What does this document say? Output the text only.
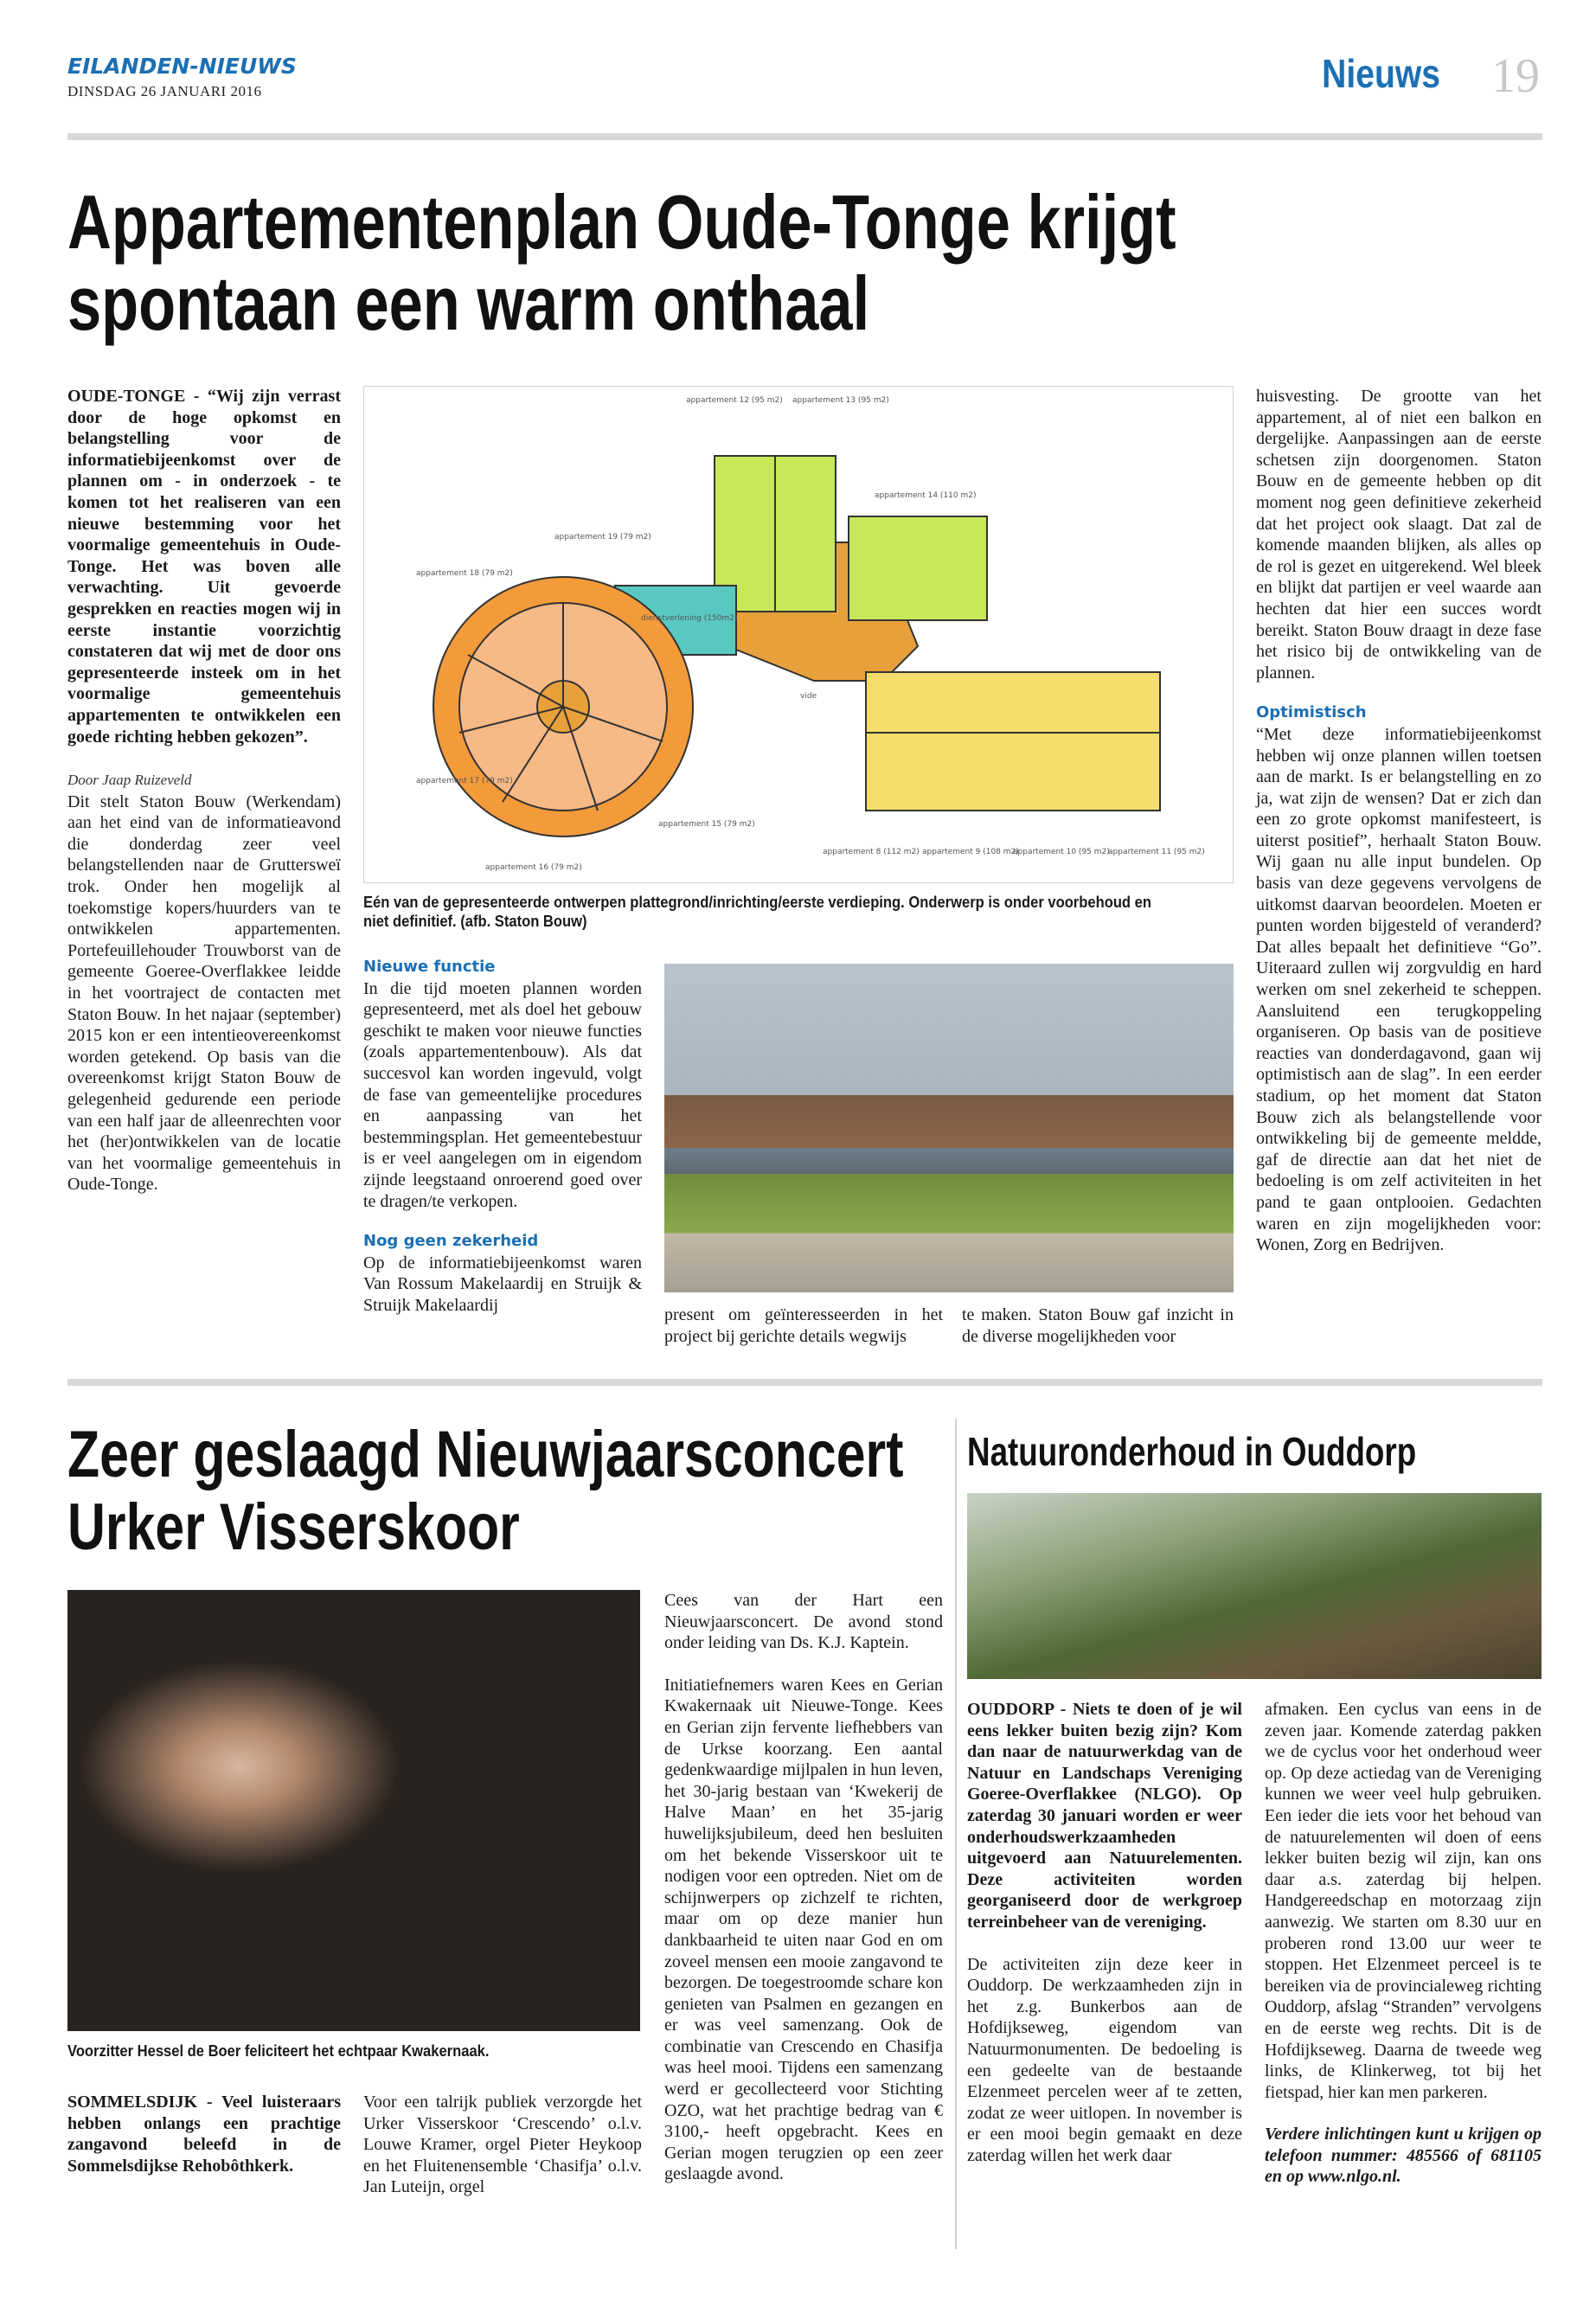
EILANDEN-NIEUWS
DINSDAG 26 JANUARI 2016	Nieuws 19
Appartementenplan Oude-Tonge krijgt
spontaan een warm onthaal

OUDE-TONGE - “Wij zijn verrast door de hoge opkomst en belangstelling voor de informatiebijeenkomst over de plannen om - in onderzoek - te komen tot het realiseren van een nieuwe bestemming voor het voormalige gemeentehuis in Oude-Tonge. Het was boven alle verwachting. Uit gevoerde gesprekken en reacties mogen wij in eerste instantie voorzichtig constateren dat wij met de door ons gepresenteerde insteek om in het voormalige gemeentehuis appartementen te ontwikkelen een goede richting hebben gekozen”.

Door Jaap Ruizeveld

Dit stelt Staton Bouw (Werkendam) aan het eind van de informatieavond die donderdag zeer veel belangstellenden naar de Gruttersweï trok. Onder hen mogelijk al toekomstige kopers/huurders van te ontwikkelen appartementen. Portefeuillehouder Trouwborst van de gemeente Goeree-Overflakkee leidde in het voortraject de contacten met Staton Bouw. In het najaar (september) 2015 kon er een intentieovereenkomst worden getekend. Op basis van die overeenkomst krijgt Staton Bouw de gelegenheid gedurende een periode van een half jaar de alleenrechten voor het (her)ontwikkelen van de locatie van het voormalige gemeentehuis in Oude-Tonge.

appartement 12 (95 m2) appartement 13 (95 m2)
appartement 14 (110 m2)
appartement 19 (79 m2)
appartement 18 (79 m2)
dienstverlening (150m2)
vide
appartement 17 (79 m2)
appartement 15 (79 m2)
appartement 16 (79 m2)
appartement 8 (112 m2) appartement 9 (108 m2)
appartement 10 (95 m2)
appartement 11 (95 m2)
Eén van de gepresenteerde ontwerpen plattegrond/inrichting/eerste verdieping. Onderwerp is onder voorbehoud en niet definitief. (afb. Staton Bouw)

Nieuwe functie

In die tijd moeten plannen worden gepresenteerd, met als doel het gebouw geschikt te maken voor nieuwe functies (zoals appartementenbouw). Als dat succesvol kan worden ingevuld, volgt de fase van gemeentelijke procedures en aanpassing van het bestemmingsplan. Het gemeentebestuur is er veel aangelegen om in eigendom zijnde leegstaand onroerend goed over te dragen/te verkopen.

Nog geen zekerheid

Op de informatiebijeenkomst waren Van Rossum Makelaardij en Struijk & Struijk Makelaardij

present om geïnteresseerden in het project bij gerichte details wegwijs
te maken. Staton Bouw gaf inzicht in de diverse mogelijkheden voor

huisvesting. De grootte van het appartement, al of niet een balkon en dergelijke. Aanpassingen aan de eerste schetsen zijn doorgenomen. Staton Bouw en de gemeente hebben op dit moment nog geen definitieve zekerheid dat het project ook slaagt. Dat zal de komende maanden blijken, als alles op de rol is gezet en uitgerekend. Wel bleek en blijkt dat partijen er veel waarde aan hechten dat hier een succes wordt bereikt. Staton Bouw draagt in deze fase het risico bij de ontwikkeling van de plannen.

Optimistisch

“Met deze informatiebijeenkomst hebben wij onze plannen willen toetsen aan de markt. Is er belangstelling en zo ja, wat zijn de wensen? Dat er zich dan een zo grote opkomst manifesteert, is uiterst positief”, herhaalt Staton Bouw. Wij gaan nu alle input bundelen. Op basis van deze gegevens vervolgens de uitkomst daarvan beoordelen. Moeten er punten worden bijgesteld of veranderd? Dat alles bepaalt het definitieve “Go”. Uiteraard zullen wij zorgvuldig en hard werken om snel zekerheid te scheppen. Aansluitend een terugkoppeling organiseren. Op basis van de positieve reacties van donderdagavond, gaan wij optimistisch aan de slag”. In een eerder stadium, op het moment dat Staton Bouw zich als belangstellende voor ontwikkeling bij de gemeente meldde, gaf de directie aan dat het niet de bedoeling is om zelf activiteiten in het pand te gaan ontplooien. Gedachten waren en zijn mogelijkheden voor: Wonen, Zorg en Bedrijven.

Zeer geslaagd Nieuwjaarsconcert
Urker Visserskoor
Voorzitter Hessel de Boer feliciteert het echtpaar Kwakernaak.

SOMMELSDIJK - Veel luisteraars hebben onlangs een prachtige zangavond beleefd in de Sommelsdijkse Rehobôthkerk.

Voor een talrijk publiek verzorgde het Urker Visserskoor ‘Crescendo’ o.l.v. Louwe Kramer, orgel Pieter Heykoop en het Fluitenensemble ‘Chasifja’ o.l.v. Jan Luteijn, orgel

Cees van der Hart een Nieuwjaarsconcert. De avond stond onder leiding van Ds. K.J. Kaptein.

Initiatiefnemers waren Kees en Gerian Kwakernaak uit Nieuwe-Tonge. Kees en Gerian zijn fervente liefhebbers van de Urkse koorzang. Een aantal gedenkwaardige mijlpalen in hun leven, het 30-jarig bestaan van ‘Kwekerij de Halve Maan’ en het 35-jarig huwelijksjubileum, deed hen besluiten om het bekende Visserskoor uit te nodigen voor een optreden. Niet om de schijnwerpers op zichzelf te richten, maar om op deze manier hun dankbaarheid te uiten naar God en om zoveel mensen een mooie zangavond te bezorgen. De toegestroomde schare kon genieten van Psalmen en gezangen en er was veel samenzang. Ook de combinatie van Crescendo en Chasifja was heel mooi. Tijdens een samenzang werd er gecollecteerd voor Stichting OZO, wat het prachtige bedrag van € 3100,- heeft opgebracht. Kees en Gerian mogen terugzien op een zeer geslaagde avond.

Natuuronderhoud in Ouddorp

OUDDORP - Niets te doen of je wil eens lekker buiten bezig zijn? Kom dan naar de natuurwerkdag van de Natuur en Landschaps Vereniging Goeree-Overflakkee (NLGO). Op zaterdag 30 januari worden er weer onderhoudswerkzaamheden uitgevoerd aan Natuurelementen. Deze activiteiten worden georganiseerd door de werkgroep terreinbeheer van de vereniging.

De activiteiten zijn deze keer in Ouddorp. De werkzaamheden zijn in het z.g. Bunkerbos aan de Hofdijkseweg, eigendom van Natuurmonumenten. De bedoeling is een gedeelte van de bestaande Elzenmeet percelen weer af te zetten, zodat ze weer uitlopen. In november is er een mooi begin gemaakt en deze zaterdag willen het werk daar

afmaken. Een cyclus van eens in de zeven jaar. Komende zaterdag pakken we de cyclus voor het onderhoud weer op. Op deze actiedag van de Vereniging kunnen we weer veel hulp gebruiken. Een ieder die iets voor het behoud van de natuurelementen wil doen of eens lekker buiten bezig wil zijn, kan ons daar a.s. zaterdag bij helpen. Handgereedschap en motorzaag zijn aanwezig. We starten om 8.30 uur en proberen rond 13.00 uur weer te stoppen. Het Elzenmeet perceel is te bereiken via de provincialeweg richting Ouddorp, afslag “Stranden” vervolgens en de eerste weg rechts. Dit is de Hofdijkseweg. Daarna de tweede weg links, de Klinkerweg, tot bij het fietspad, hier kan men parkeren.

Verdere inlichtingen kunt u krijgen op telefoon nummer: 485566 of 681105 en op www.nlgo.nl.
